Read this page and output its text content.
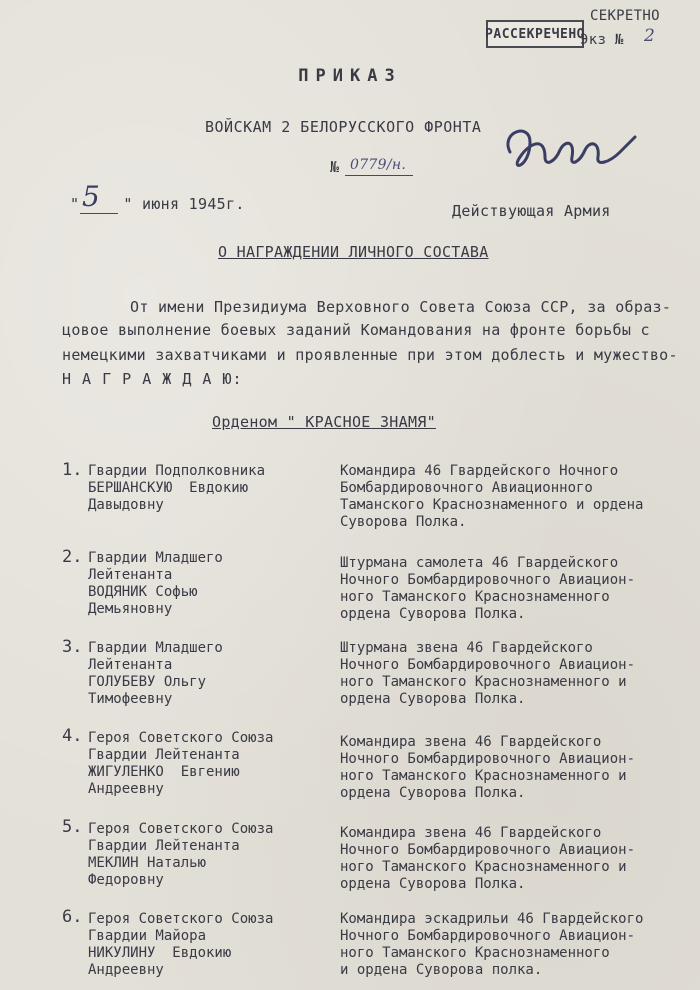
РАССЕКРЕЧЕНО
СЕКРЕТНО
Экз № 2
ПРИКАЗ
ВОЙСКАМ 2 БЕЛОРУССКОГО ФРОНТА
№ 0779/н.
"	" июня 1945г.
5	Действующая Армия
О НАГРАЖДЕНИИ ЛИЧНОГО СОСТАВА
От имени Президиума Верховного Совета Союза ССР, за образ-
цовое выполнение боевых заданий Командования на фронте борьбы с
немецкими захватчиками и проявленные при этом доблесть и мужество-
Н А Г Р А Ж Д А Ю:
Орденом " КРАСНОЕ ЗНАМЯ"
1. Гвардии Подполковника
БЕРШАНСКУЮ  Евдокию
Давыдовну
Командира 46 Гвардейского Ночного
Бомбардировочного Авиационного
Таманского Краснознаменного и ордена
Суворова Полка.
2. Гвардии Младшего
Лейтенанта
ВОДЯНИК Софью
Демьяновну
Штурмана самолета 46 Гвардейского
Ночного Бомбардировочного Авиацион-
ного Таманского Краснознаменного
ордена Суворова Полка.
3. Гвардии Младшего
Лейтенанта
ГОЛУБЕВУ Ольгу
Тимофеевну
Штурмана звена 46 Гвардейского
Ночного Бомбардировочного Авиацион-
ного Таманского Краснознаменного и
ордена Суворова Полка.
4. Героя Советского Союза
Гвардии Лейтенанта
ЖИГУЛЕНКО  Евгению
Андреевну
Командира звена 46 Гвардейского
Ночного Бомбардировочного Авиацион-
ного Таманского Краснознаменного и
ордена Суворова Полка.
5. Героя Советского Союза
Гвардии Лейтенанта
МЕКЛИН Наталью
Федоровну
Командира звена 46 Гвардейского
Ночного Бомбардировочного Авиацион-
ного Таманского Краснознаменного и
ордена Суворова Полка.
6. Героя Советского Союза
Гвардии Майора
НИКУЛИНУ  Евдокию
Андреевну
Командира эскадрильи 46 Гвардейского
Ночного Бомбардировочного Авиацион-
ного Таманского Краснознаменного
и ордена Суворова полка.
